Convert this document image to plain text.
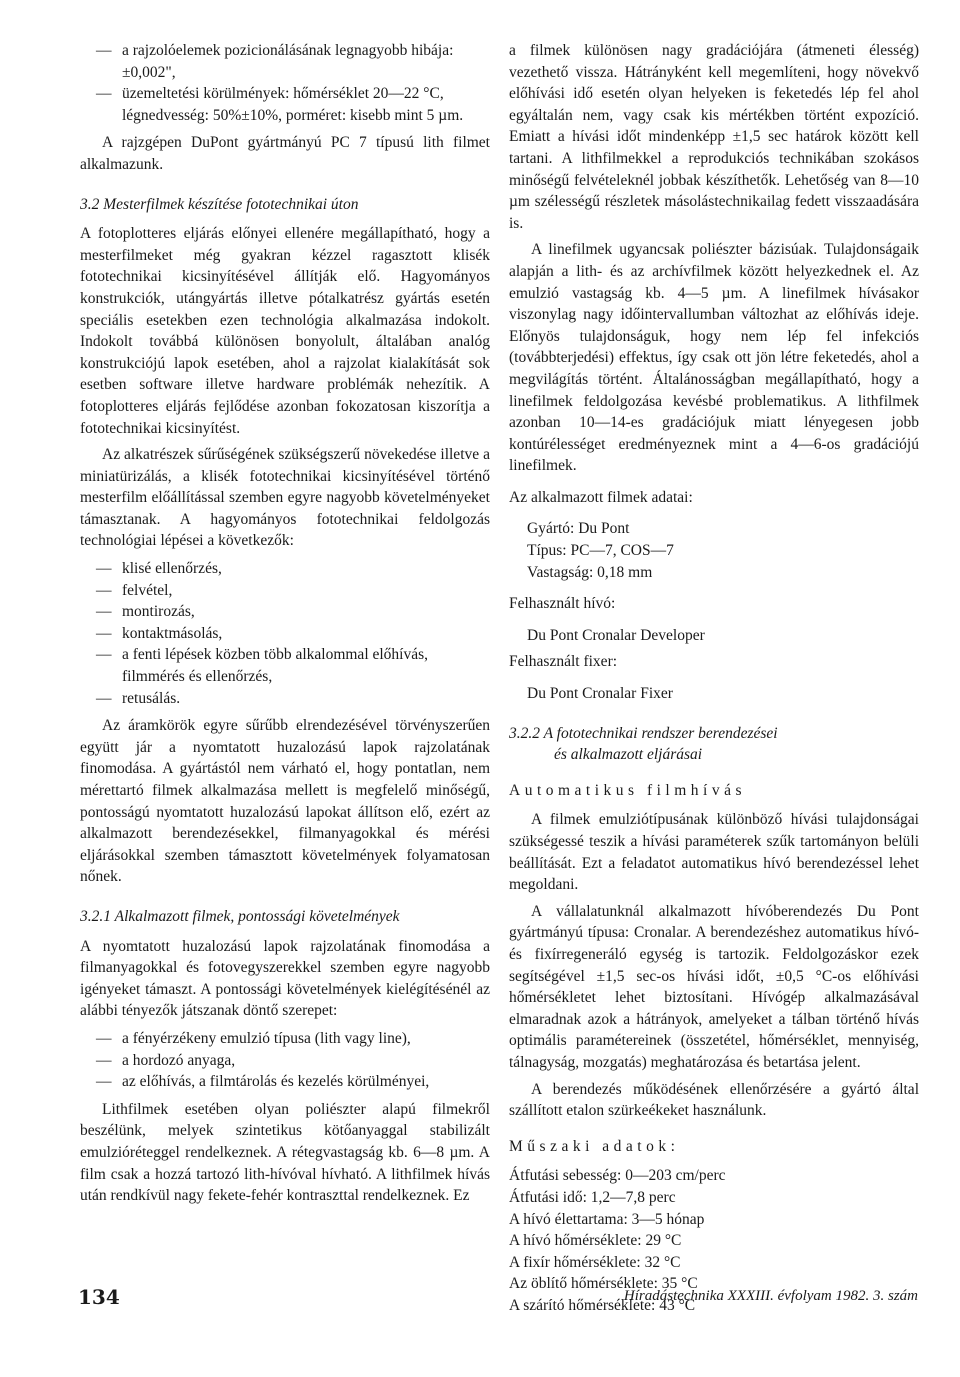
— a rajzolóelemek pozicionálásának legnagyobb hibája: ±0,002",
— üzemeltetési körülmények: hőmérséklet 20—22 °C, légnedvesség: 50%±10%, porméret: kisebb mint 5 µm.

A rajzgépen DuPont gyártmányú PC 7 típusú lith filmet alkalmazunk.

3.2 Mesterfilmek készítése fototechnikai úton

A fotoplotteres eljárás előnyei ellenére megállapítható, hogy a mesterfilmeket még gyakran kézzel ragasztott klisék fototechnikai kicsinyítésével állítják elő. Hagyományos konstrukciók, utángyártás illetve pótalkatrész gyártás esetén speciális esetekben ezen technológia alkalmazása indokolt. Indokolt továbbá különösen bonyolult, általában analóg konstrukciójú lapok esetében, ahol a rajzolat kialakítását sok esetben software illetve hardware problémák nehezítik. A fotoplotteres eljárás fejlődése azonban fokozatosan kiszorítja a fototechnikai kicsinyítést.

Az alkatrészek sűrűségének szükségszerű növekedése illetve a miniatürizálás, a klisék fototechnikai kicsinyítésével történő mesterfilm előállítással szemben egyre nagyobb követelményeket támasztanak. A hagyományos fototechnikai feldolgozás technológiai lépései a következők:

— klisé ellenőrzés,
— felvétel,
— montirozás,
— kontaktmásolás,
— a fenti lépések közben több alkalommal előhívás, filmmérés és ellenőrzés,
— retusálás.

Az áramkörök egyre sűrűbb elrendezésével törvényszerűen együtt jár a nyomtatott huzalozású lapok rajzolatának finomodása. A gyártástól nem várható el, hogy pontatlan, nem mérettartó filmek alkalmazása mellett is megfelelő minőségű, pontosságú nyomtatott huzalozású lapokat állítson elő, ezért az alkalmazott berendezésekkel, filmanyagokkal és mérési eljárásokkal szemben támasztott követelmények folyamatosan nőnek.

3.2.1 Alkalmazott filmek, pontossági követelmények

A nyomtatott huzalozású lapok rajzolatának finomodása a filmanyagokkal és fotovegyszerekkel szemben egyre nagyobb igényeket támaszt. A pontossági követelmények kielégítésénél az alábbi tényezők játszanak döntő szerepet:

— a fényérzékeny emulzió típusa (lith vagy line),
— a hordozó anyaga,
— az előhívás, a filmtárolás és kezelés körülményei,

Lithfilmek esetében olyan poliészter alapú filmekről beszélünk, melyek szintetikus kötőanyaggal stabilizált emulzióréteggel rendelkeznek. A rétegvastagság kb. 6—8 µm. A film csak a hozzá tartozó lith-hívóval hívható. A lithfilmek hívás után rendkívül nagy fekete-fehér kontraszttal rendelkeznek. Ez

a filmek különösen nagy gradációjára (átmeneti élesség) vezethető vissza. Hátrányként kell megemlíteni, hogy növekvő előhívási idő esetén olyan helyeken is feketedés lép fel ahol egyáltalán nem, vagy csak kis mértékben történt expozíció. Emiatt a hívási időt mindenképp ±1,5 sec határok között kell tartani. A lithfilmekkel a reprodukciós technikában szokásos minőségű felvételeknél jobbak készíthetők. Lehetőség van 8—10 µm szélességű részletek másolástechnikailag fedett visszaadására is.

A linefilmek ugyancsak poliészter bázisúak. Tulajdonságaik alapján a lith- és az archívfilmek között helyezkednek el. Az emulzió vastagság kb. 4—5 µm. A linefilmek hívásakor viszonylag nagy időintervallumban változhat az előhívás ideje. Előnyös tulajdonságuk, hogy nem lép fel infekciós (továbbterjedési) effektus, így csak ott jön létre feketedés, ahol a megvilágítás történt. Általánosságban megállapítható, hogy a linefilmek feldolgozása kevésbé problematikus. A lithfilmek azonban 10—14-es gradációjuk miatt lényegesen jobb kontúrélességet eredményeznek mint a 4—6-os gradációjú linefilmek.

Az alkalmazott filmek adatai:

Gyártó: Du Pont
Típus: PC—7, COS—7
Vastagság: 0,18 mm
Felhasznált hívó:
Du Pont Cronalar Developer
Felhasznált fixer:
Du Pont Cronalar Fixer
3.2.2 A fototechnikai rendszer berendezései
és alkalmazott eljárásai
Automatikus filmhívás

A filmek emulziótípusának különböző hívási tulajdonságai szükségessé teszik a hívási paraméterek szűk tartományon belüli beállítását. Ezt a feladatot automatikus hívó berendezéssel lehet megoldani.

A vállalatunknál alkalmazott hívóberendezés Du Pont gyártmányú típusa: Cronalar. A berendezéshez automatikus hívó- és fixírregeneráló egység is tartozik. Feldolgozáskor ezek segítségével ±1,5 sec-os hívási időt, ±0,5 °C-os előhívási hőmérsékletet lehet biztosítani. Hívógép alkalmazásával elmaradnak azok a hátrányok, amelyeket a tálban történő hívás optimális paramétereinek (összetétel, hőmérséklet, mennyiség, tálnagyság, mozgatás) meghatározása és betartása jelent.

A berendezés működésének ellenőrzésére a gyártó által szállított etalon szürkeékeket használunk.

Műszaki adatok:
Átfutási sebesség: 0—203 cm/perc
Átfutási idő: 1,2—7,8 perc
A hívó élettartama: 3—5 hónap
A hívó hőmérséklete: 29 °C
A fixír hőmérséklete: 32 °C
Az öblítő hőmérséklete: 35 °C
A szárító hőmérséklete: 43 °C
134	Híradástechnika XXXIII. évfolyam 1982. 3. szám
